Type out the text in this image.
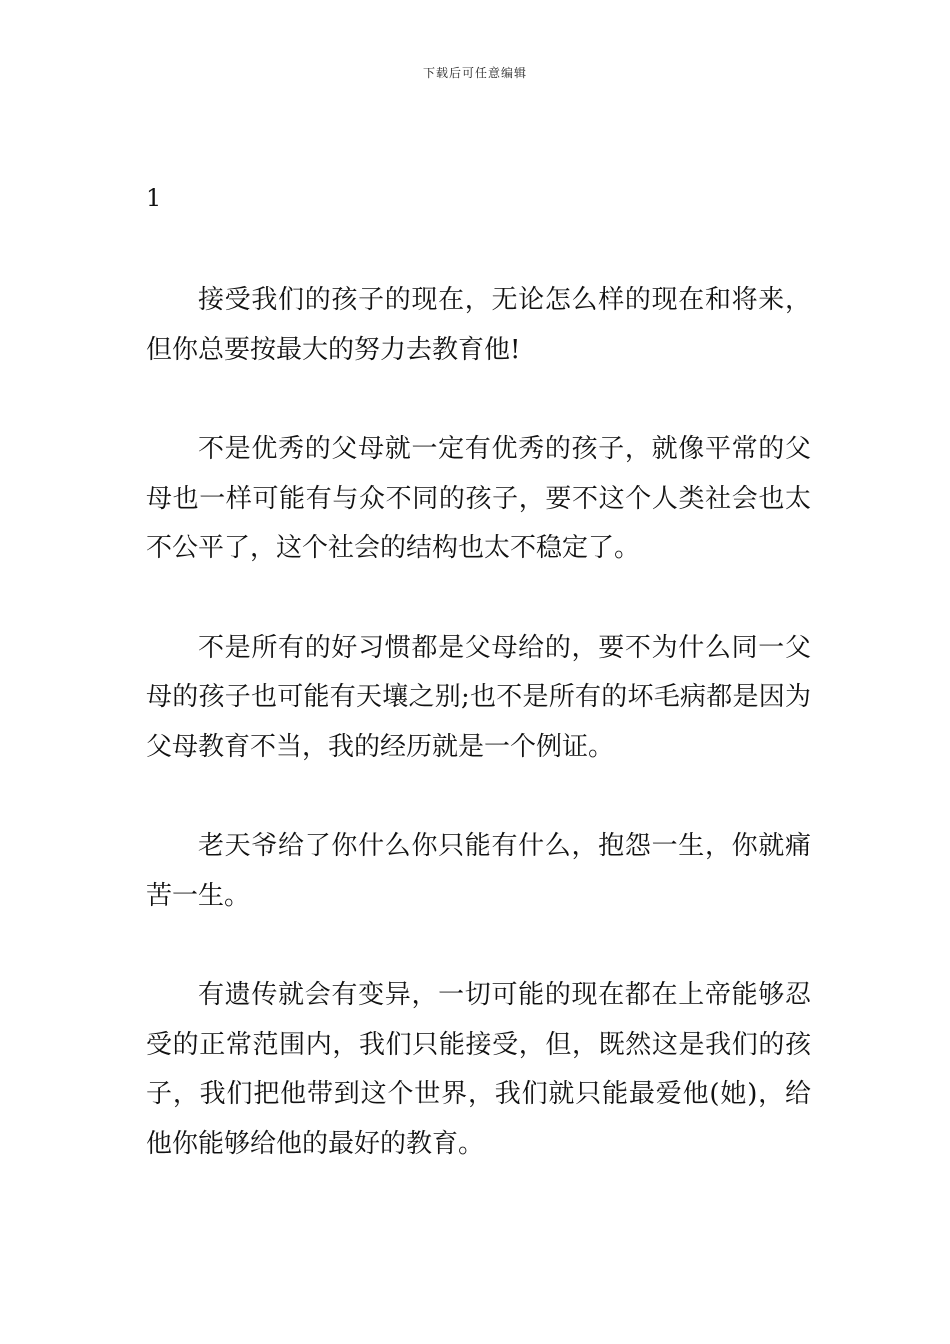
下载后可任意编辑
1

接受我们的孩子的现在，无论怎么样的现在和将来，但你总要按最大的努力去教育他!

不是优秀的父母就一定有优秀的孩子，就像平常的父母也一样可能有与众不同的孩子，要不这个人类社会也太不公平了，这个社会的结构也太不稳定了。

不是所有的好习惯都是父母给的，要不为什么同一父母的孩子也可能有天壤之别;也不是所有的坏毛病都是因为父母教育不当，我的经历就是一个例证。

老天爷给了你什么你只能有什么，抱怨一生，你就痛苦一生。

有遗传就会有变异，一切可能的现在都在上帝能够忍受的正常范围内，我们只能接受，但，既然这是我们的孩子，我们把他带到这个世界，我们就只能最爱他(她)，给他你能够给他的最好的教育。
